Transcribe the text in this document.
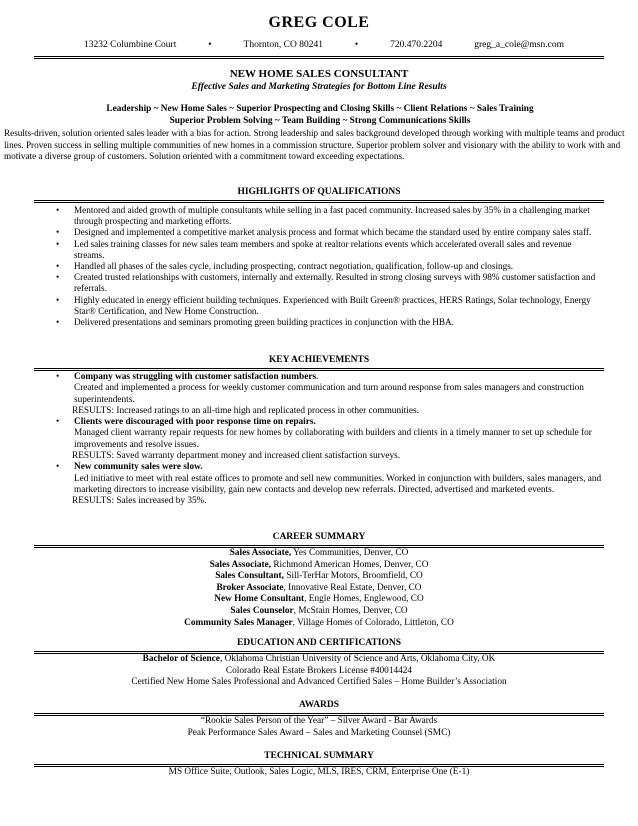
GREG COLE
13232 Columbine Court	•	Thornton, CO 80241	•	720.470.2204	greg_a_cole@msn.com
NEW HOME SALES CONSULTANT
Effective Sales and Marketing Strategies for Bottom Line Results
Leadership ~ New Home Sales ~ Superior Prospecting and Closing Skills ~ Client Relations ~ Sales Training
Superior Problem Solving ~ Team Building ~ Strong Communications Skills
Results-driven, solution oriented sales leader with a bias for action. Strong leadership and sales background developed through working with multiple teams and product lines. Proven success in selling multiple communities of new homes in a commission structure. Superior problem solver and visionary with the ability to work with and motivate a diverse group of customers. Solution oriented with a commitment toward exceeding expectations.
HIGHLIGHTS OF QUALIFICATIONS
• Mentored and aided growth of multiple consultants while selling in a fast paced community. Increased sales by 35% in a challenging market through prospecting and marketing efforts.
• Designed and implemented a competitive market analysis process and format which became the standard used by entire company sales staff.
• Led sales training classes for new sales team members and spoke at realtor relations events which accelerated overall sales and revenue streams.
• Handled all phases of the sales cycle, including prospecting, contract negotiation, qualification, follow-up and closings.
• Created trusted relationships with customers, internally and externally. Resulted in strong closing surveys with 98% customer satisfaction and referrals.
• Highly educated in energy efficient building techniques. Experienced with Built Green® practices, HERS Ratings, Solar technology, Energy Star® Certification, and New Home Construction.
• Delivered presentations and seminars promoting green building practices in conjunction with the HBA.
KEY ACHIEVEMENTS
• Company was struggling with customer satisfaction numbers.
Created and implemented a process for weekly customer communication and turn around response from sales managers and construction superintendents.
RESULTS: Increased ratings to an all-time high and replicated process in other communities.
• Clients were discouraged with poor response time on repairs.
Managed client warranty repair requests for new homes by collaborating with builders and clients in a timely manner to set up schedule for improvements and resolve issues.
RESULTS: Saved warranty department money and increased client satisfaction surveys.
• New community sales were slow.
Led initiative to meet with real estate offices to promote and sell new communities. Worked in conjunction with builders, sales managers, and marketing directors to increase visibility, gain new contacts and develop new referrals. Directed, advertised and marketed events.
RESULTS: Sales increased by 35%.
CAREER SUMMARY
Sales Associate, Yes Communities, Denver, CO
Sales Associate, Richmond American Homes, Denver, CO
Sales Consultant, Sill-TerHar Motors, Broomfield, CO
Broker Associate, Innovative Real Estate, Denver, CO
New Home Consultant, Engle Homes, Englewood, CO
Sales Counselor, McStain Homes, Denver, CO
Community Sales Manager, Village Homes of Colorado, Littleton, CO
EDUCATION AND CERTIFICATIONS
Bachelor of Science, Oklahoma Christian University of Science and Arts, Oklahoma City, OK
Colorado Real Estate Brokers License #40014424
Certified New Home Sales Professional and Advanced Certified Sales – Home Builder’s Association
AWARDS
“Rookie Sales Person of the Year” – Silver Award - Bar Awards
Peak Performance Sales Award – Sales and Marketing Counsel (SMC)
TECHNICAL SUMMARY
MS Office Suite, Outlook, Sales Logic, MLS, IRES, CRM, Enterprise One (E-1)
